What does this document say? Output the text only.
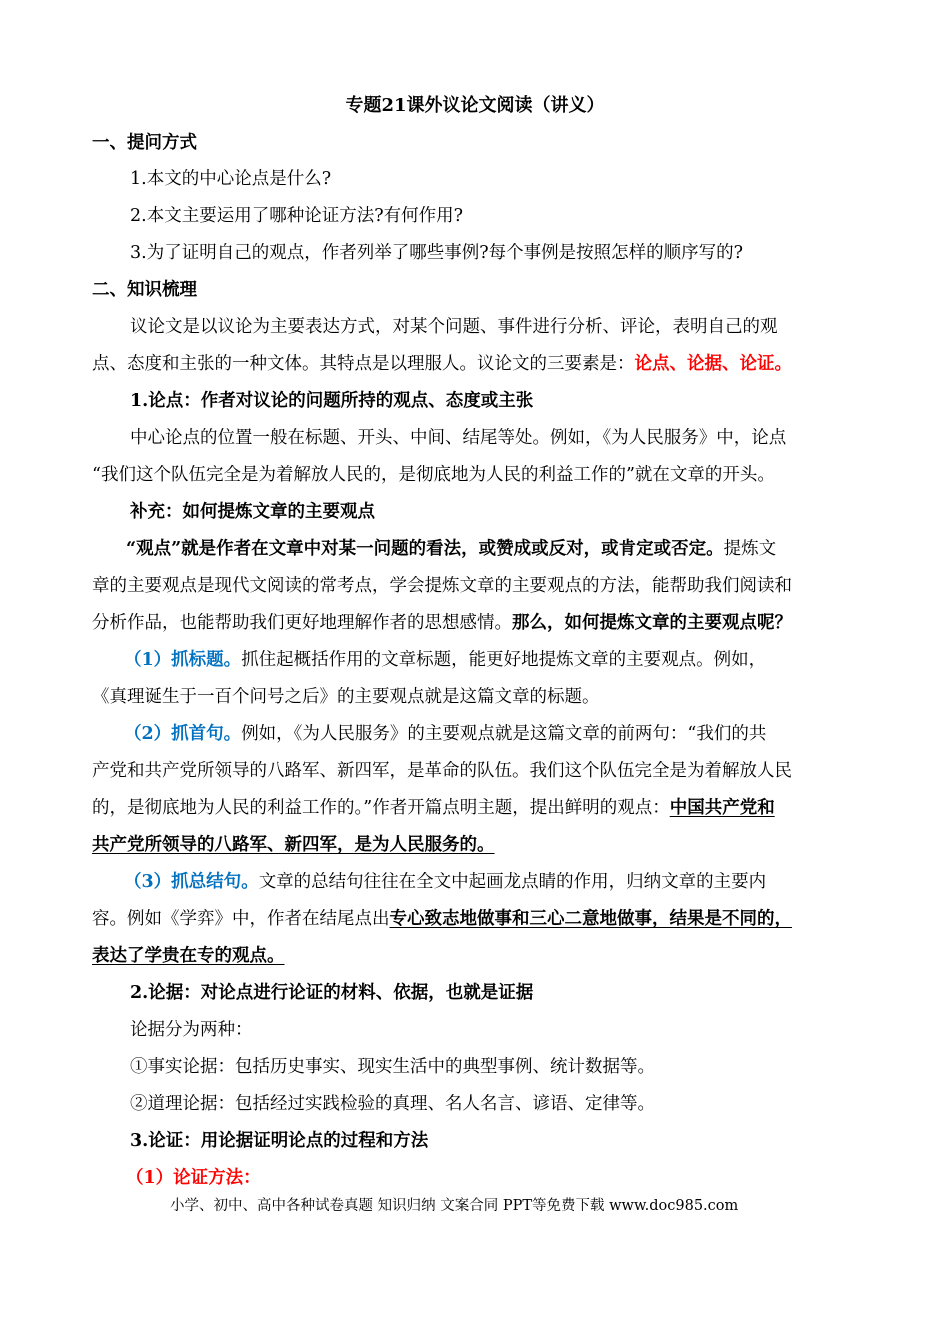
专题21课外议论文阅读（讲义）
一、提问方式
1.本文的中心论点是什么?
2.本文主要运用了哪种论证方法?有何作用?
3.为了证明自己的观点，作者列举了哪些事例?每个事例是按照怎样的顺序写的?
二、知识梳理
议论文是以议论为主要表达方式，对某个问题、事件进行分析、评论，表明自己的观
点、态度和主张的一种文体。其特点是以理服人。议论文的三要素是：论点、论据、论证。
1.论点：作者对议论的问题所持的观点、态度或主张
中心论点的位置一般在标题、开头、中间、结尾等处。例如，《为人民服务》中，论点
“我们这个队伍完全是为着解放人民的，是彻底地为人民的利益工作的”就在文章的开头。
补充：如何提炼文章的主要观点
“观点”就是作者在文章中对某一问题的看法，或赞成或反对，或肯定或否定。提炼文
章的主要观点是现代文阅读的常考点，学会提炼文章的主要观点的方法，能帮助我们阅读和
分析作品，也能帮助我们更好地理解作者的思想感情。那么，如何提炼文章的主要观点呢？
（1）抓标题。抓住起概括作用的文章标题，能更好地提炼文章的主要观点。例如，
《真理诞生于一百个问号之后》的主要观点就是这篇文章的标题。
（2）抓首句。例如，《为人民服务》的主要观点就是这篇文章的前两句：“我们的共
产党和共产党所领导的八路军、新四军，是革命的队伍。我们这个队伍完全是为着解放人民
的，是彻底地为人民的利益工作的。”作者开篇点明主题，提出鲜明的观点：中国共产党和
共产党所领导的八路军、新四军，是为人民服务的。
（3）抓总结句。文章的总结句往往在全文中起画龙点睛的作用，归纳文章的主要内
容。例如《学弈》中，作者在结尾点出专心致志地做事和三心二意地做事，结果是不同的，
表达了学贵在专的观点。
2.论据：对论点进行论证的材料、依据，也就是证据
论据分为两种：
①事实论据：包括历史事实、现实生活中的典型事例、统计数据等。
②道理论据：包括经过实践检验的真理、名人名言、谚语、定律等。
3.论证：用论据证明论点的过程和方法
（1）论证方法：
小学、初中、高中各种试卷真题 知识归纳 文案合同 PPT等免费下载 www.doc985.com
